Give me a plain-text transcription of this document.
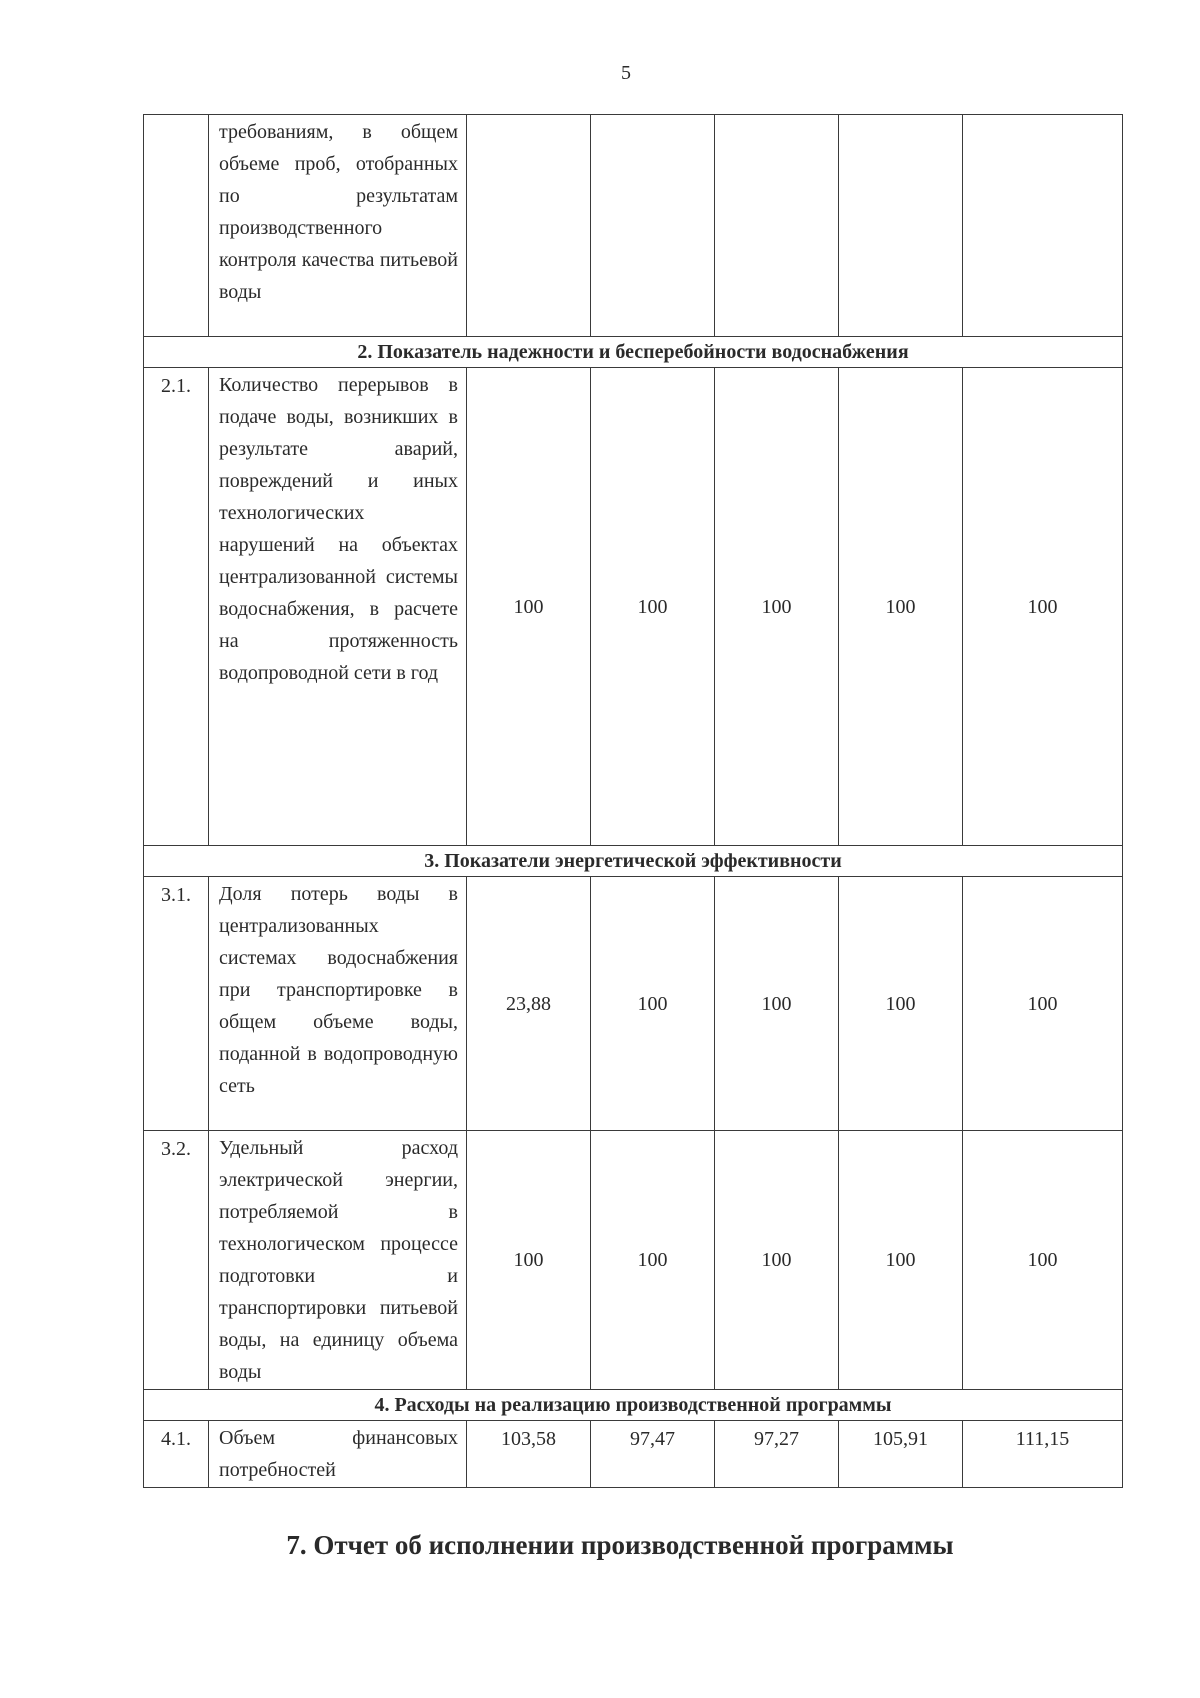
5
	требованиям, в общем объеме проб, отобранных по результатам производственного контроля качества питьевой воды					
2. Показатель надежности и бесперебойности водоснабжения						
2.1.	Количество перерывов в подаче воды, возникших в результате аварий, повреждений и иных технологических нарушений на объектах централизованной системы водоснабжения, в расчете на протяженность водопроводной сети в год	100	100	100	100	100
3. Показатели энергетической эффективности						
3.1.	Доля потерь воды в централизованных системах водоснабжения при транспортировке в общем объеме воды, поданной в водопроводную сеть	23,88	100	100	100	100
3.2.	Удельный расход электрической энергии, потребляемой в технологическом процессе подготовки и транспортировки питьевой воды, на единицу объема воды	100	100	100	100	100
4. Расходы на реализацию производственной программы						
4.1.	Объем финансовых потребностей	103,58	97,47	97,27	105,91	111,15
7. Отчет об исполнении производственной программы
